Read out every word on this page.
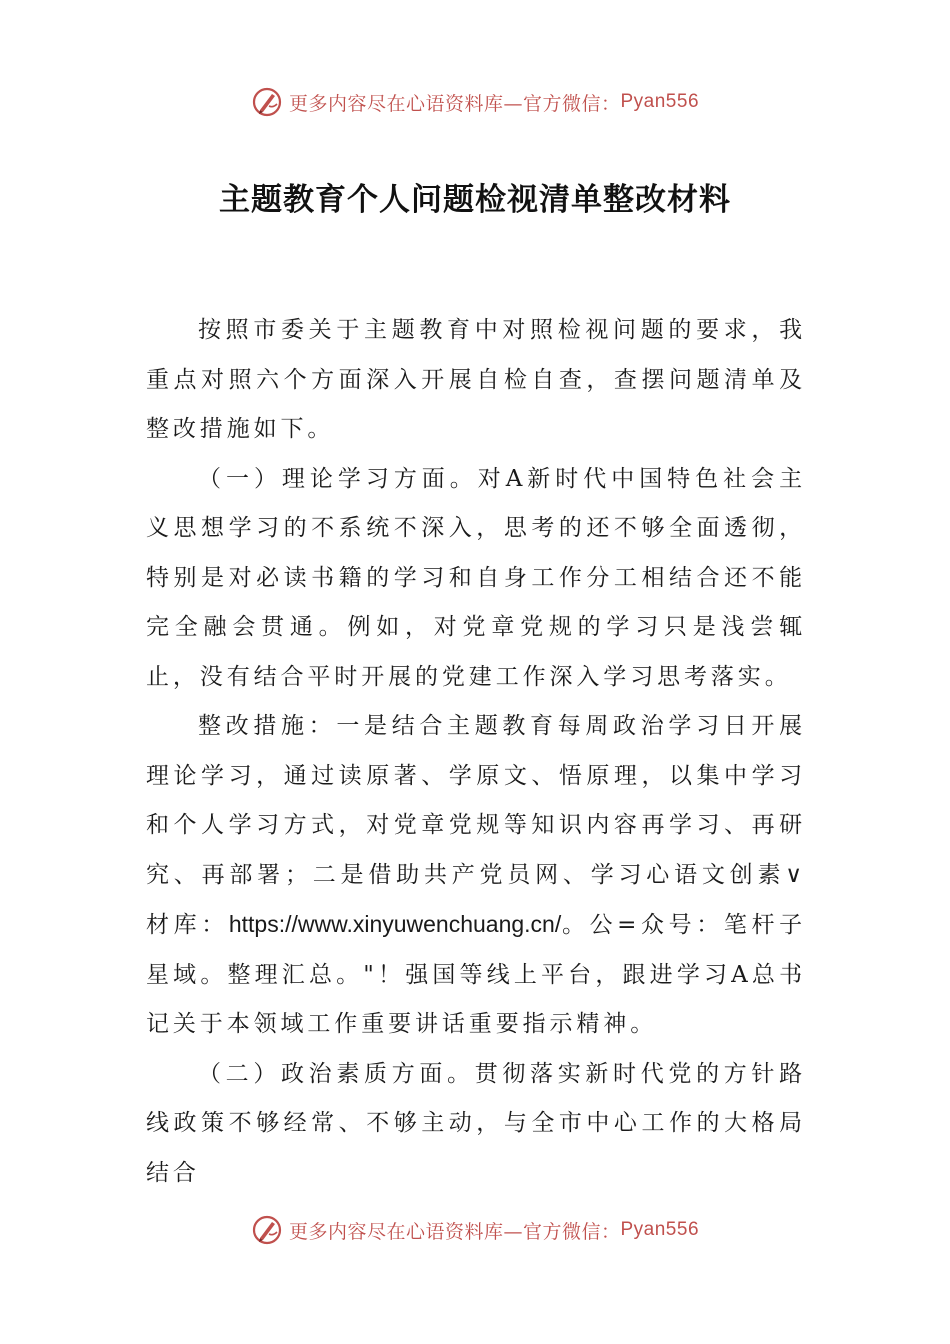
更多内容尽在心语资料库—官方微信： Pyan556
主题教育个人问题检视清单整改材料

按照市委关于主题教育中对照检视问题的要求，我重点对照六个方面深入开展自检自查，查摆问题清单及整改措施如下。

（一）理论学习方面。对A新时代中国特色社会主义思想学习的不系统不深入，思考的还不够全面透彻，特别是对必读书籍的学习和自身工作分工相结合还不能完全融会贯通。例如，对党章党规的学习只是浅尝辄止，没有结合平时开展的党建工作深入学习思考落实。

整改措施：一是结合主题教育每周政治学习日开展理论学习，通过读原著、学原文、悟原理，以集中学习和个人学习方式，对党章党规等知识内容再学习、再研究、再部署；二是借助共产党员网、学习心语文创素∨材库：https://www.xinyuwenchuang.cn/。公=众号：笔杆子星域。整理汇总。"！强国等线上平台，跟进学习A总书记关于本领域工作重要讲话重要指示精神。

（二）政治素质方面。贯彻落实新时代党的方针路线政策不够经常、不够主动，与全市中心工作的大格局结合

更多内容尽在心语资料库—官方微信： Pyan556
